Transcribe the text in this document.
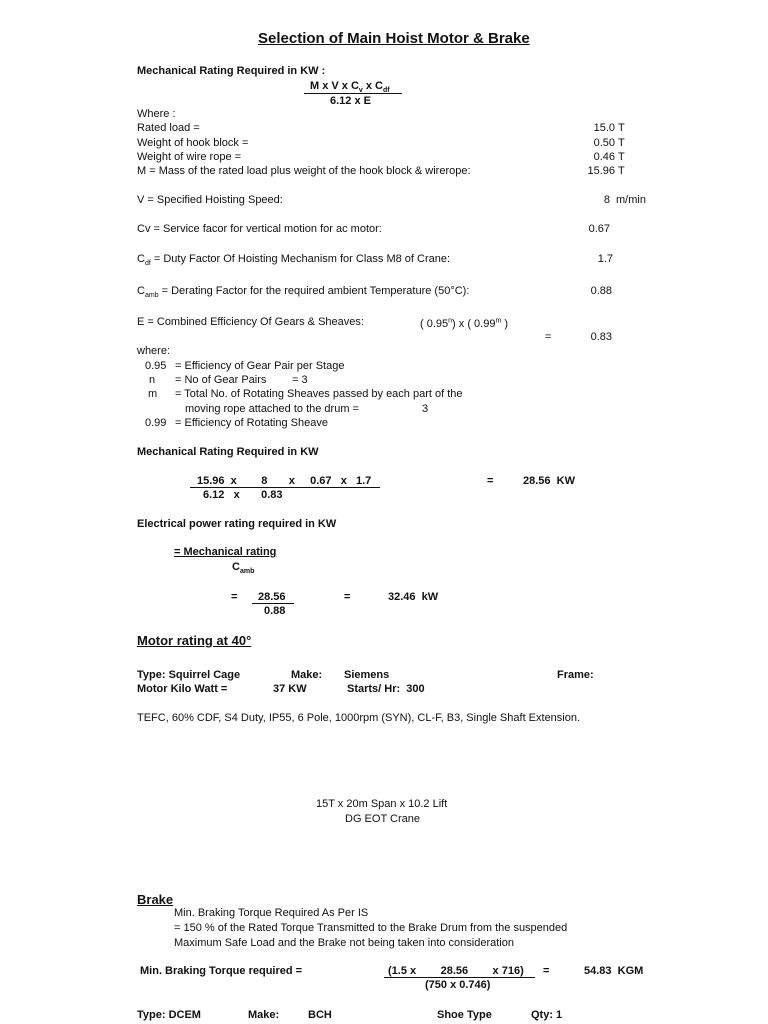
Selection of Main Hoist Motor & Brake
Mechanical Rating Required in KW :
M x V x $C_v$ x $C_{df}$
6.12 x E
Where :
Rated load =	15.0 T
Weight of hook block =	0.50 T
Weight of wire rope =	0.46 T
M = Mass of the rated load plus weight of the hook block & wirerope:	15.96 T
V = Specified Hoisting Speed:	8 m/min
Cv = Service facor for vertical motion for ac motor:	0.67
$C_{df}$ = Duty Factor Of Hoisting Mechanism for Class M8 of Crane:	1.7
$C_{amb}$ = Derating Factor for the required ambient Temperature (50°C):	0.88
E = Combined Efficiency Of Gears & Sheaves:	( 0.95$^n$) x ( 0.99$^m$ )
=	0.83
where:
0.95 = Efficiency of Gear Pair per Stage
n = No of Gear Pairs = 3
m = Total No. of Rotating Sheaves passed by each part of the
moving rope attached to the drum =	3
0.99 = Efficiency of Rotating Sheave
Mechanical Rating Required in KW
15.96  x        8       x     0.67   x   1.7
6.12   x       0.83
=	28.56  KW
Electrical power rating required in KW
= Mechanical rating
$C_{amb}$
= 28.56
0.88
=	32.46  kW
Motor rating at 40°
Type: Squirrel Cage	Make: Siemens	Frame:
Motor Kilo Watt =	37 KW	Starts/ Hr:  300
TEFC, 60% CDF, S4 Duty, IP55, 6 Pole, 1000rpm (SYN), CL-F, B3, Single Shaft Extension.
15T x 20m Span x 10.2 Lift
DG EOT Crane
Brake
Min. Braking Torque Required As Per IS
= 150 % of the Rated Torque Transmitted to the Brake Drum from the suspended
Maximum Safe Load and the Brake not being taken into consideration
Min. Braking Torque required =	(1.5 x        28.56        x 716)
(750 x 0.746)
=	54.83  KGM
Type: DCEM	Make:	BCH	Shoe Type	Qty: 1
